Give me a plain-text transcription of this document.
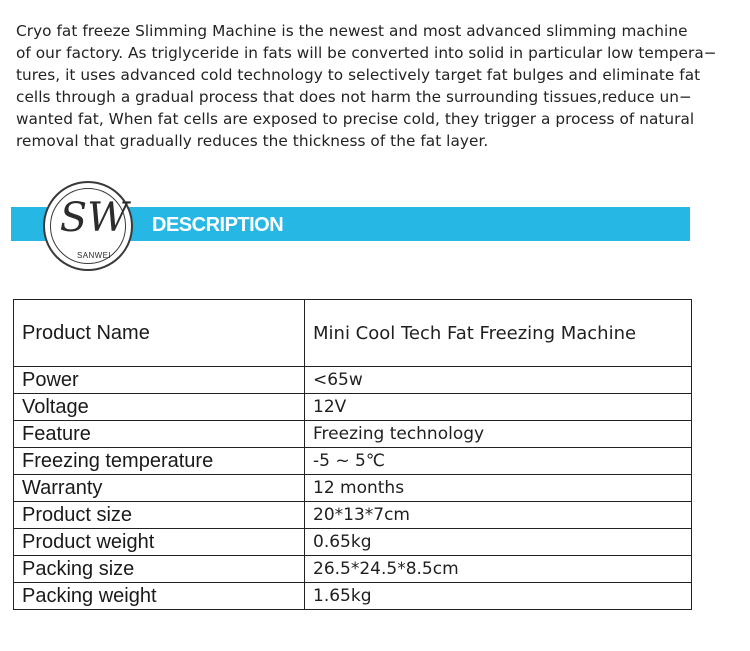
Cryo fat freeze Slimming Machine is the newest and most advanced slimming machine
of our factory. As triglyceride in fats will be converted into solid in particular low tempera−
tures, it uses advanced cold technology to selectively target fat bulges and eliminate fat
cells through a gradual process that does not harm the surrounding tissues,reduce un−
wanted fat, When fat cells are exposed to precise cold, they trigger a process of natural
removal that gradually reduces the thickness of the fat layer.

DESCRIPTION
SW
SANWEI
Product Name	Mini Cool Tech Fat Freezing Machine
Power	<65w
Voltage	12V
Feature	Freezing technology
Freezing temperature	-5 ~ 5℃
Warranty	12 months
Product size	20*13*7cm
Product weight	0.65kg
Packing size	26.5*24.5*8.5cm
Packing weight	1.65kg
